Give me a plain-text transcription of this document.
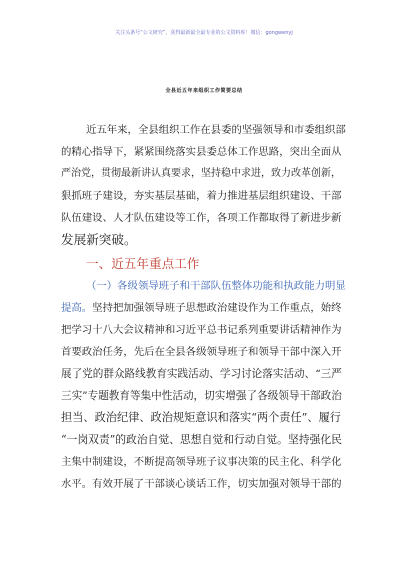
关注头条号“公文研究”，获得最新最全最专业的公文资料库！微信：gongwenyj
全县近五年来组织工作简要总结
近五年来，全县组织工作在县委的坚强领导和市委组织部
的精心指导下，紧紧围绕落实县委总体工作思路，突出全面从
严治党，贯彻最新讲认真要求，坚持稳中求进，致力改革创新，
狠抓班子建设，夯实基层基础，着力推进基层组织建设、干部
队伍建设、人才队伍建设等工作，各项工作都取得了新进步新
发展新突破。
一、近五年重点工作
（一）各级领导班子和干部队伍整体功能和执政能力明显
提高。坚持把加强领导班子思想政治建设作为工作重点，始终
把学习十八大会议精神和习近平总书记系列重要讲话精神作为
首要政治任务，先后在全县各级领导班子和领导干部中深入开
展了党的群众路线教育实践活动、学习讨论落实活动、“三严
三实”专题教育等集中性活动，切实增强了各级领导干部政治
担当、政治纪律、政治规矩意识和落实“两个责任”、履行
“一岗双责”的政治自觉、思想自觉和行动自觉。坚持强化民
主集中制建设，不断提高领导班子议事决策的民主化、科学化
水平。有效开展了干部谈心谈话工作，切实加强对领导干部的
